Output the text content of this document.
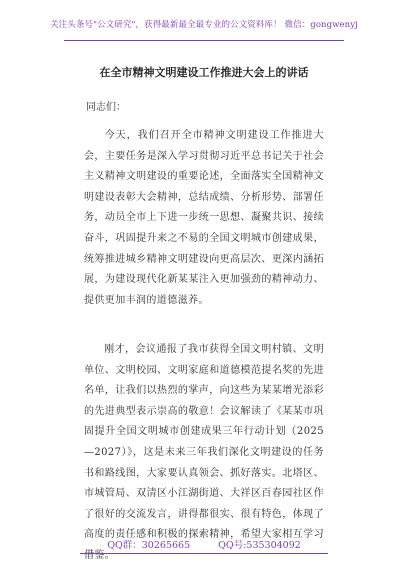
关注头条号"公文研究"，获得最新最全最专业的公文资料库！ 微信：gongwenyj
在全市精神文明建设工作推进大会上的讲话
同志们：
今天，我们召开全市精神文明建设工作推进大会，主要任务是深入学习贯彻习近平总书记关于社会主义精神文明建设的重要论述，全面落实全国精神文明建设表彰大会精神，总结成绩、分析形势、部署任务，动员全市上下进一步统一思想、凝聚共识、接续奋斗，巩固提升来之不易的全国文明城市创建成果，统筹推进城乡精神文明建设向更高层次、更深内涵拓展，为建设现代化新某某注入更加强劲的精神动力、提供更加丰润的道德滋养。
刚才，会议通报了我市获得全国文明村镇、文明单位、文明校园、文明家庭和道德模范提名奖的先进名单，让我们以热烈的掌声，向这些为某某增光添彩的先进典型表示崇高的敬意！会议解读了《某某市巩固提升全国文明城市创建成果三年行动计划（2025—2027）》，这是未来三年我们深化文明建设的任务书和路线图，大家要认真领会、抓好落实。北塔区、市城管局、双清区小江湖街道、大祥区百春园社区作了很好的交流发言，讲得都很实、很有特色，体现了高度的责任感和积极的探索精神，希望大家相互学习借鉴。
QQ群：30265665	QQ号:535304092
